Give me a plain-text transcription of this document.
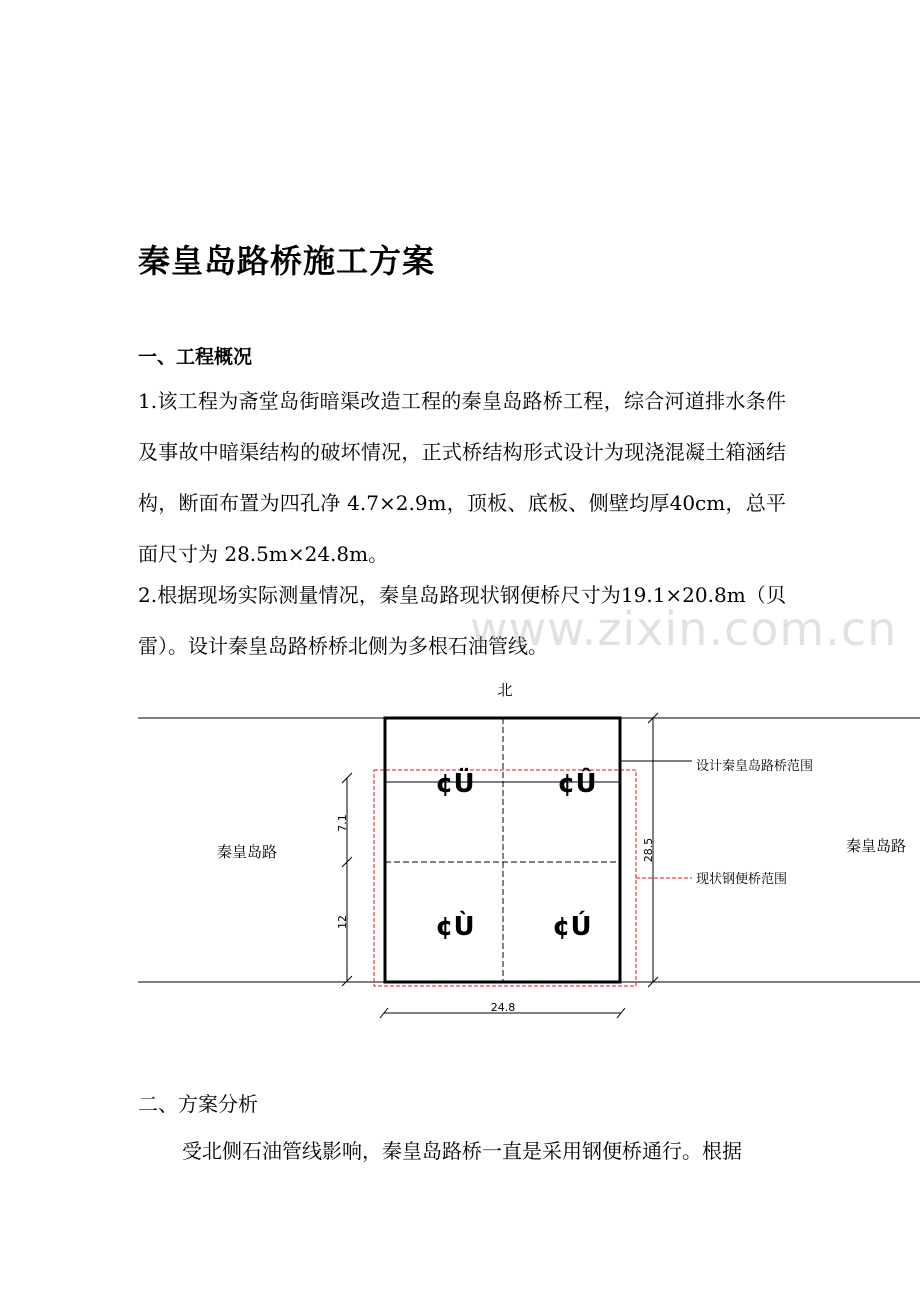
秦皇岛路桥施工方案
一、工程概况
1.该工程为斋堂岛街暗渠改造工程的秦皇岛路桥工程，综合河道排水条件及事故中暗渠结构的破坏情况，正式桥结构形式设计为现浇混凝土箱涵结构，断面布置为四孔净 4.7×2.9m，顶板、底板、侧壁均厚40cm，总平面尺寸为 28.5m×24.8m。
2.根据现场实际测量情况，秦皇岛路现状钢便桥尺寸为19.1×20.8m（贝雷）。设计秦皇岛路桥桥北侧为多根石油管线。
www.zixin.com.cn
北
¢Ü	¢Û
¢Ù	¢Ú
秦皇岛路	秦皇岛路
7.1
12
28.5
24.8
设计秦皇岛路桥范围
现状钢便桥范围
二、方案分析
受北侧石油管线影响，秦皇岛路桥一直是采用钢便桥通行。根据
